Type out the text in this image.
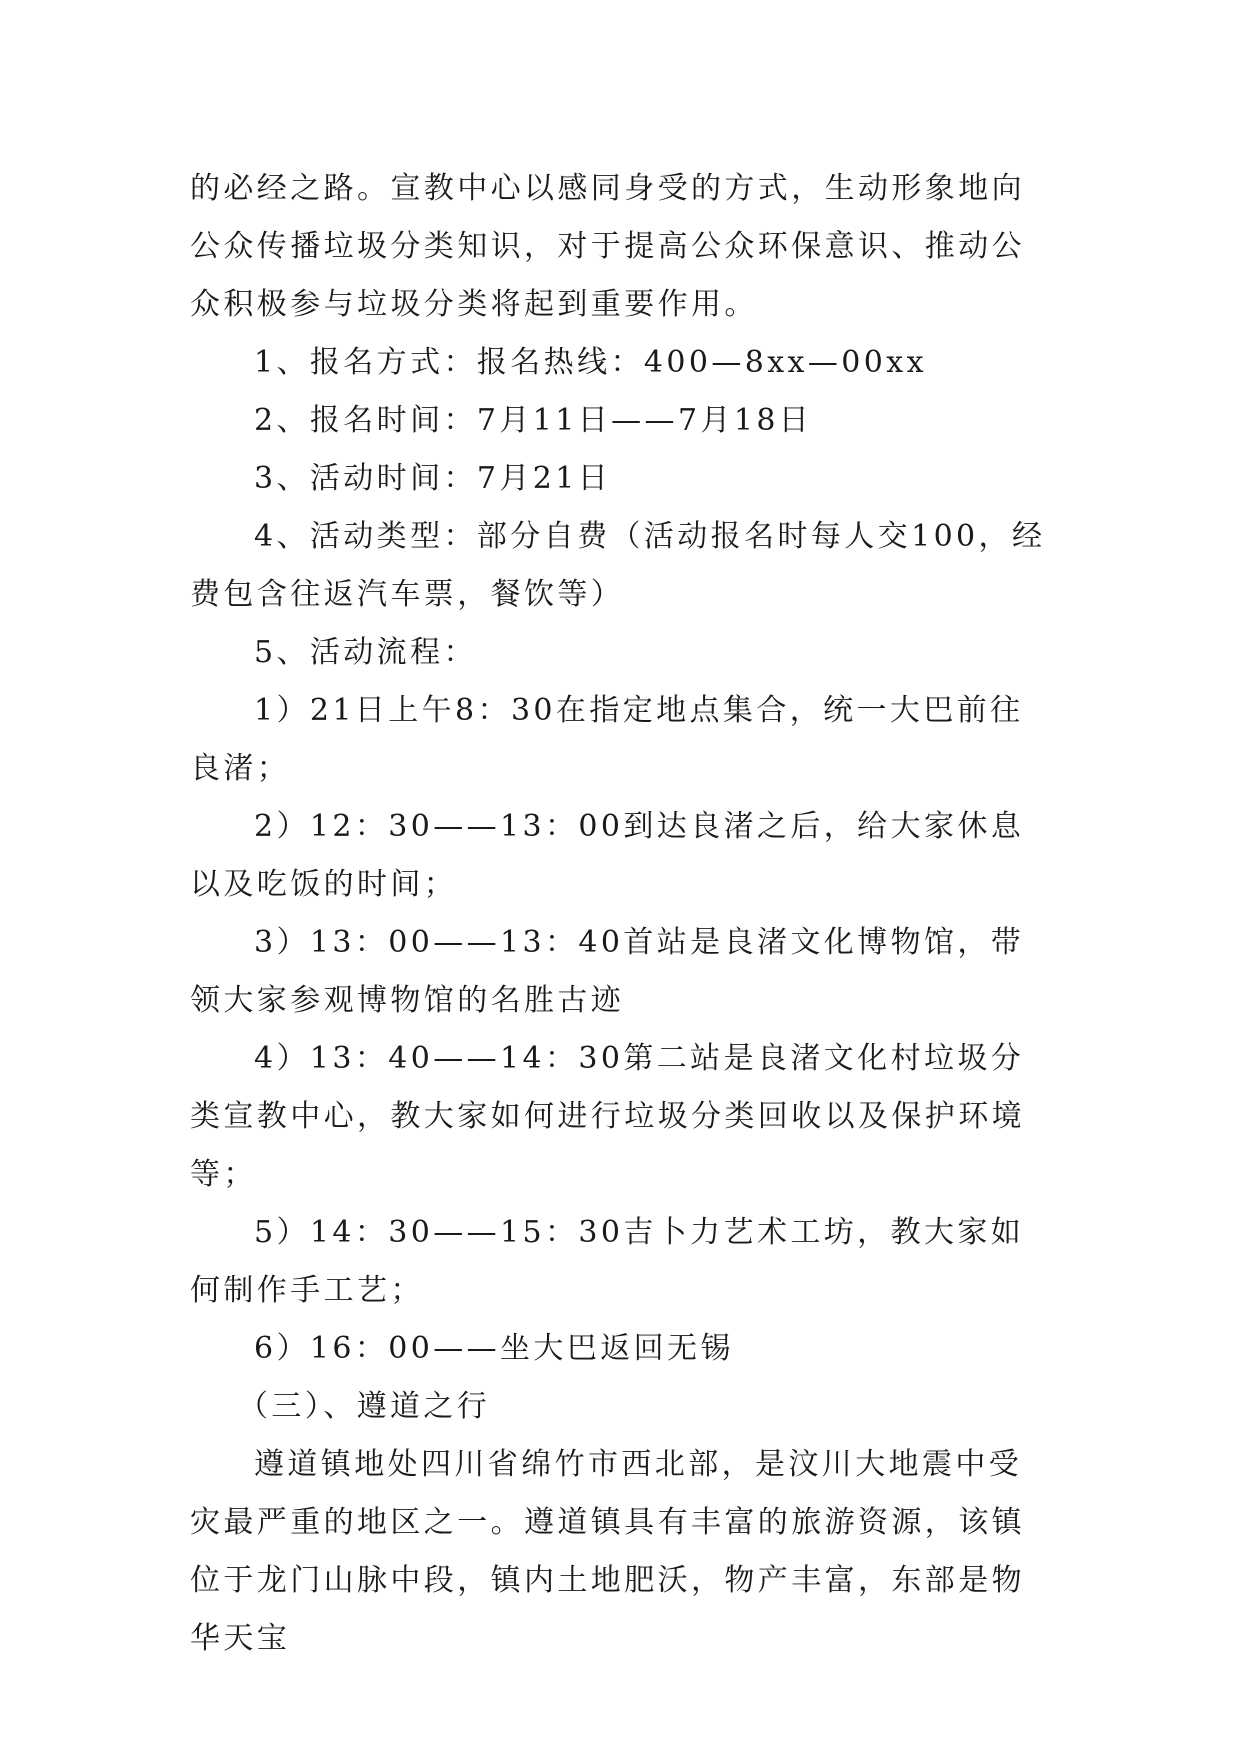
的必经之路。宣教中心以感同身受的方式，生动形象地向公众传播垃圾分类知识，对于提高公众环保意识、推动公众积极参与垃圾分类将起到重要作用。

1、报名方式：报名热线：400—8xx—00xx

2、报名时间：7月11日——7月18日

3、活动时间：7月21日

4、活动类型：部分自费（活动报名时每人交100，经费包含往返汽车票，餐饮等）

5、活动流程：

1）21日上午8：30在指定地点集合，统一大巴前往良渚；

2）12：30——13：00到达良渚之后，给大家休息以及吃饭的时间；

3）13：00——13：40首站是良渚文化博物馆，带领大家参观博物馆的名胜古迹

4）13：40——14：30第二站是良渚文化村垃圾分类宣教中心，教大家如何进行垃圾分类回收以及保护环境等；

5）14：30——15：30吉卜力艺术工坊，教大家如何制作手工艺；

6）16：00——坐大巴返回无锡

（三）、遵道之行

遵道镇地处四川省绵竹市西北部，是汶川大地震中受灾最严重的地区之一。遵道镇具有丰富的旅游资源，该镇位于龙门山脉中段，镇内土地肥沃，物产丰富，东部是物华天宝
